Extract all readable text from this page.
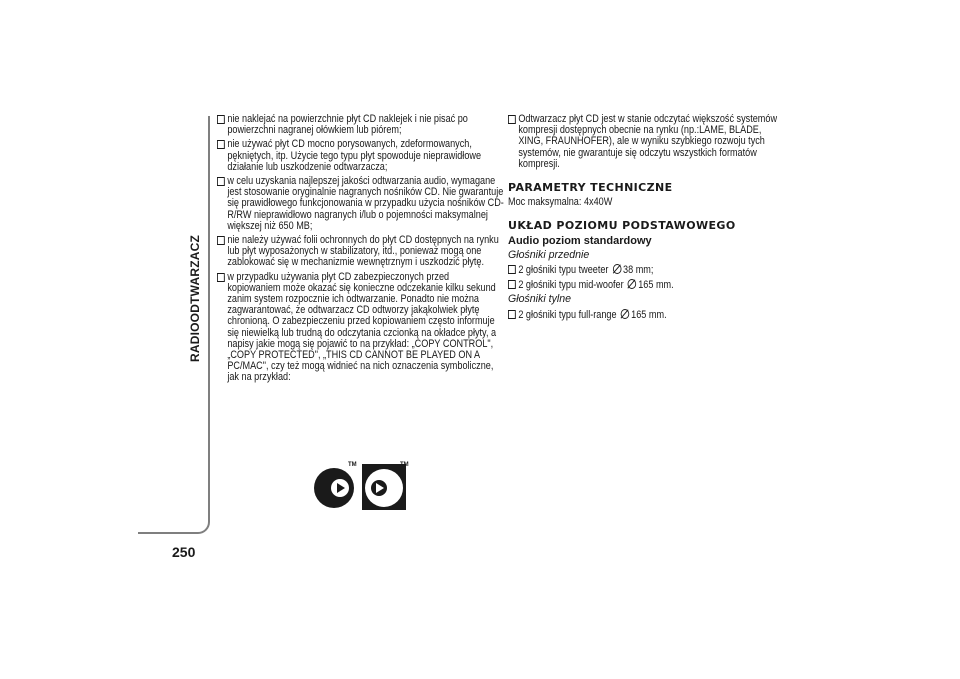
RADIOODTWARZACZ
250
nie naklejać na powierzchnie płyt CD naklejek i nie pisać po powierzchni nagranej ołówkiem lub piórem;
nie używać płyt CD mocno porysowanych, zdeformowanych, pękniętych, itp. Użycie tego typu płyt spowoduje nieprawidłowe działanie lub uszkodzenie odtwarzacza;
w celu uzyskania najlepszej jakości odtwarzania audio, wymagane jest stosowanie oryginalnie nagranych nośników CD. Nie gwarantuje się prawidłowego funkcjonowania w przypadku użycia nośników CD-R/RW nieprawidłowo nagranych i/lub o pojemności maksymalnej większej niż 650 MB;
nie należy używać folii ochronnych do płyt CD dostępnych na rynku lub płyt wyposażonych w stabilizatory, itd., ponieważ mogą one zablokować się w mechanizmie wewnętrznym i uszkodzić płytę.
w przypadku używania płyt CD zabezpieczonych przed kopiowaniem może okazać się konieczne odczekanie kilku sekund zanim system rozpocznie ich odtwarzanie. Ponadto nie można zagwarantować, że odtwarzacz CD odtworzy jakąkolwiek płytę chronioną. O zabezpieczeniu przed kopiowaniem często informuje się niewielką lub trudną do odczytania czcionką na okładce płyty, a napisy jakie mogą się pojawić to na przykład: „COPY CONTROL", „COPY PROTECTED", „THIS CD CANNOT BE PLAYED ON A PC/MAC", czy też mogą widnieć na nich oznaczenia symboliczne, jak na przykład:
TM	TM
Odtwarzacz płyt CD jest w stanie odczytać większość systemów kompresji dostępnych obecnie na rynku (np.:LAME, BLADE, XING, FRAUNHOFER), ale w wyniku szybkiego rozwoju tych systemów, nie gwarantuje się odczytu wszystkich formatów kompresji.
PARAMETRY TECHNICZNE
Moc maksymalna: 4x40W
UKŁAD POZIOMU PODSTAWOWEGO
Audio poziom standardowy
Głośniki przednie
2 głośniki typu tweeter 38 mm;
2 głośniki typu mid-woofer 165 mm.
Głośniki tylne
2 głośniki typu full-range 165 mm.
